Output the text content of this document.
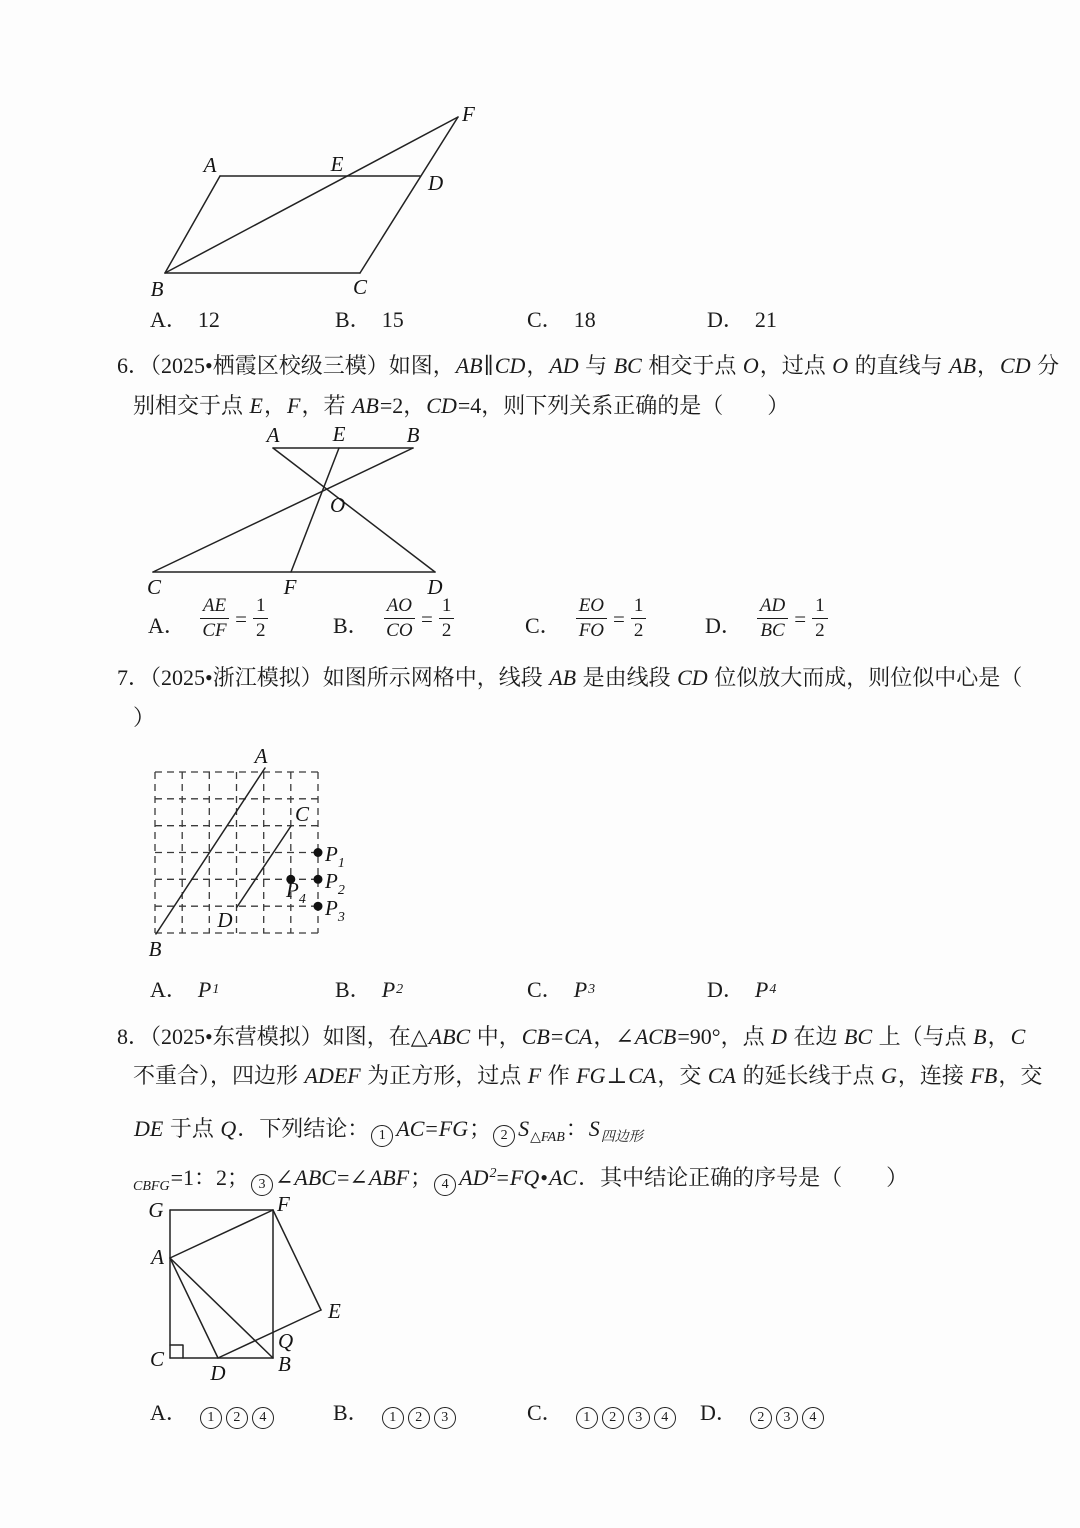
A	E
D
F
B	C
A． 12	B． 15	C． 18	D． 21
6．（2025•栖霞区校级三模）如图，AB∥CD，AD 与 BC 相交于点 O，过点 O 的直线与 AB，CD 分
别相交于点 E，F，若 AB=2，CD=4，则下列关系正确的是（　　）
A	E	B
O
C	F	D
A． $\frac{AE}{CF} = \frac{1}{2}$	B． $\frac{AO}{CO} = \frac{1}{2}$	C． $\frac{EO}{FO} = \frac{1}{2}$	D． $\frac{AD}{BC} = \frac{1}{2}$
7．（2025•浙江模拟）如图所示网格中，线段 AB 是由线段 CD 位似放大而成，则位似中心是（
）
A
B
C
D
$P_1$
$P_2$
$P_3$
$P_4$
A． P 1	B． P 2	C． P 3	D． P 4
8．（2025•东营模拟）如图，在△ABC 中，CB=CA，∠ACB=90°，点 D 在边 BC 上（与点 B，C
不重合），四边形 ADEF 为正方形，过点 F 作 FG⊥CA，交 CA 的延长线于点 G，连接 FB，交
DE 于点 Q．下列结论： 1 AC=FG； 2 $S_{\triangle FAB}$：$S_{四边形}$
$_{CBFG}$=1：2； 3 ∠ABC=∠ABF； 4 $AD^2=FQ•AC$．其中结论正确的序号是（　　）
G	F
A
E
C
D
Q
B
A．	1 2 4	B．	1 2 3	C．	1 2 3 4	D．	2 3 4
